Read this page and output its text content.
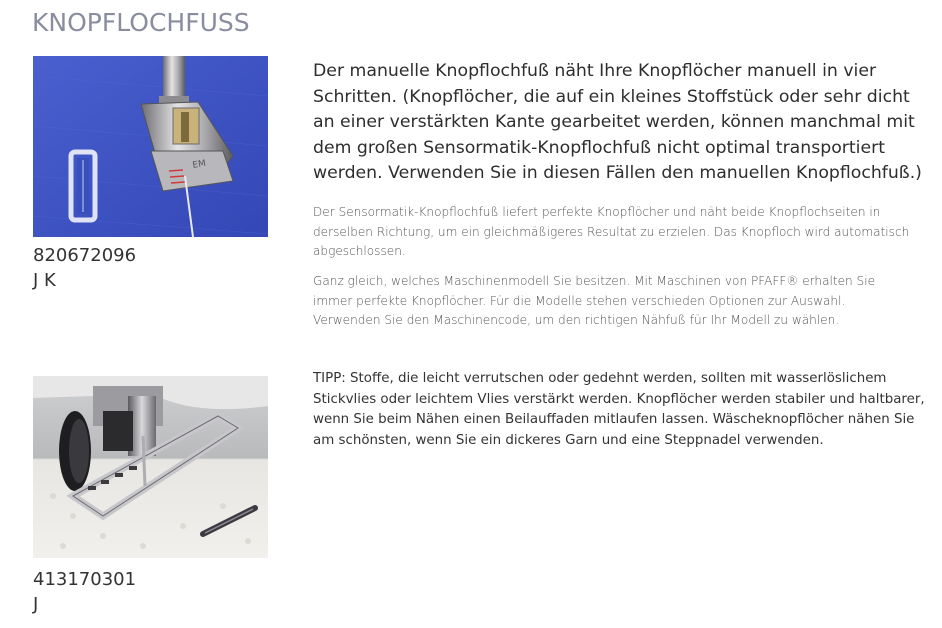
KNOPFLOCHFUSS
EM
820672096
J K
413170301
J

Der manuelle Knopflochfuß näht Ihre Knopflöcher manuell in vier Schritten. (Knopflöcher, die auf ein kleines Stoffstück oder sehr dicht an einer verstärkten Kante gearbeitet werden, können manchmal mit dem großen Sensormatik-Knopflochfuß nicht optimal transportiert werden. Verwenden Sie in diesen Fällen den manuellen Knopflochfuß.)

Der Sensormatik-Knopflochfuß liefert perfekte Knopflöcher und näht beide Knopflochseiten in derselben Richtung, um ein gleichmäßigeres Resultat zu erzielen. Das Knopfloch wird automatisch abgeschlossen.

Ganz gleich, welches Maschinenmodell Sie besitzen. Mit Maschinen von PFAFF® erhalten Sie immer perfekte Knopflöcher. Für die Modelle stehen verschieden Optionen zur Auswahl. Verwenden Sie den Maschinencode, um den richtigen Nähfuß für Ihr Modell zu wählen.

TIPP: Stoffe, die leicht verrutschen oder gedehnt werden, sollten mit wasserlöslichem Stickvlies oder leichtem Vlies verstärkt werden. Knopflöcher werden stabiler und haltbarer, wenn Sie beim Nähen einen Beilauffaden mitlaufen lassen. Wäscheknopflöcher nähen Sie am schönsten, wenn Sie ein dickeres Garn und eine Steppnadel verwenden.
